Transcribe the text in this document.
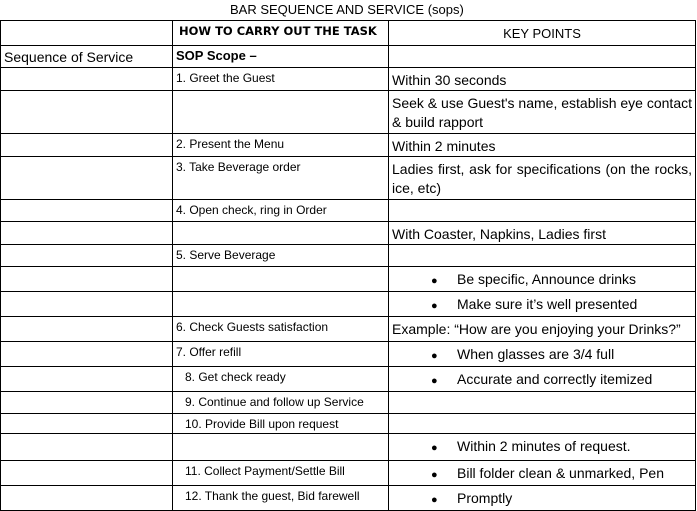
BAR SEQUENCE AND SERVICE (sops)
	HOW TO CARRY OUT THE TASK	KEY POINTS
Sequence of Service	SOP Scope –	
	1. Greet the Guest	Within 30 seconds
		Seek & use Guest's name, establish eye contact & build rapport
	2. Present the Menu	Within 2 minutes
	3. Take Beverage order	Ladies first, ask for specifications (on the rocks, ice, etc)
	4. Open check, ring in Order	
		With Coaster, Napkins, Ladies first
	5. Serve Beverage	
		● Be specific, Announce drinks
		● Make sure it’s well presented
	6. Check Guests satisfaction	Example: “How are you enjoying your Drinks?”
	7. Offer refill	● When glasses are 3/4 full
	8. Get check ready	● Accurate and correctly itemized
	9. Continue and follow up Service	
	10. Provide Bill upon request	
		● Within 2 minutes of request.
	11. Collect Payment/Settle Bill	● Bill folder clean & unmarked, Pen
	12. Thank the guest, Bid farewell	● Promptly
